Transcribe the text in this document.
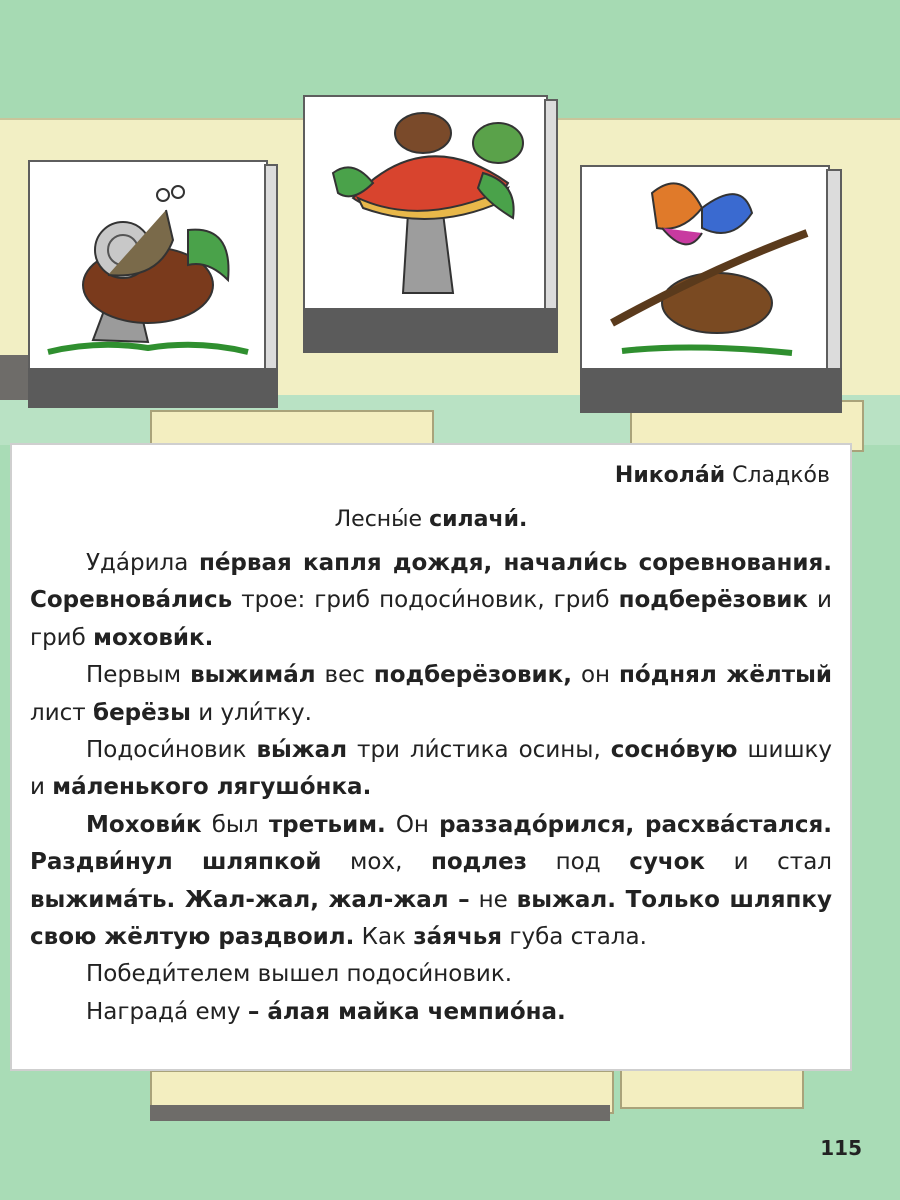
Николáй Сладкóв
Лесны́е силачи́.

Удáрила пéрвая капля дождя, начали́сь соревнования. Соревновáлись трое: гриб подоси́новик, гриб подберёзовик и гриб мохови́к.

Первым выжимáл вес подберёзовик, он пóднял жёлтый лист берёзы и ули́тку.

Подоси́новик вы́жал три ли́стика осины, соснóвую шишку и мáленького лягушóнка.

Мохови́к был третьим. Он раззадóрился, расхвáстался. Раздви́нул шляпкой мох, подлез под сучок и стал выжимáть. Жал-жал, жал-жал – не выжал. Только шляпку свою жёлтую раздвоил. Как зáячья губа стала.

Победи́телем вышел подоси́новик.

Наградá ему – áлая майка чемпиóна.

115
